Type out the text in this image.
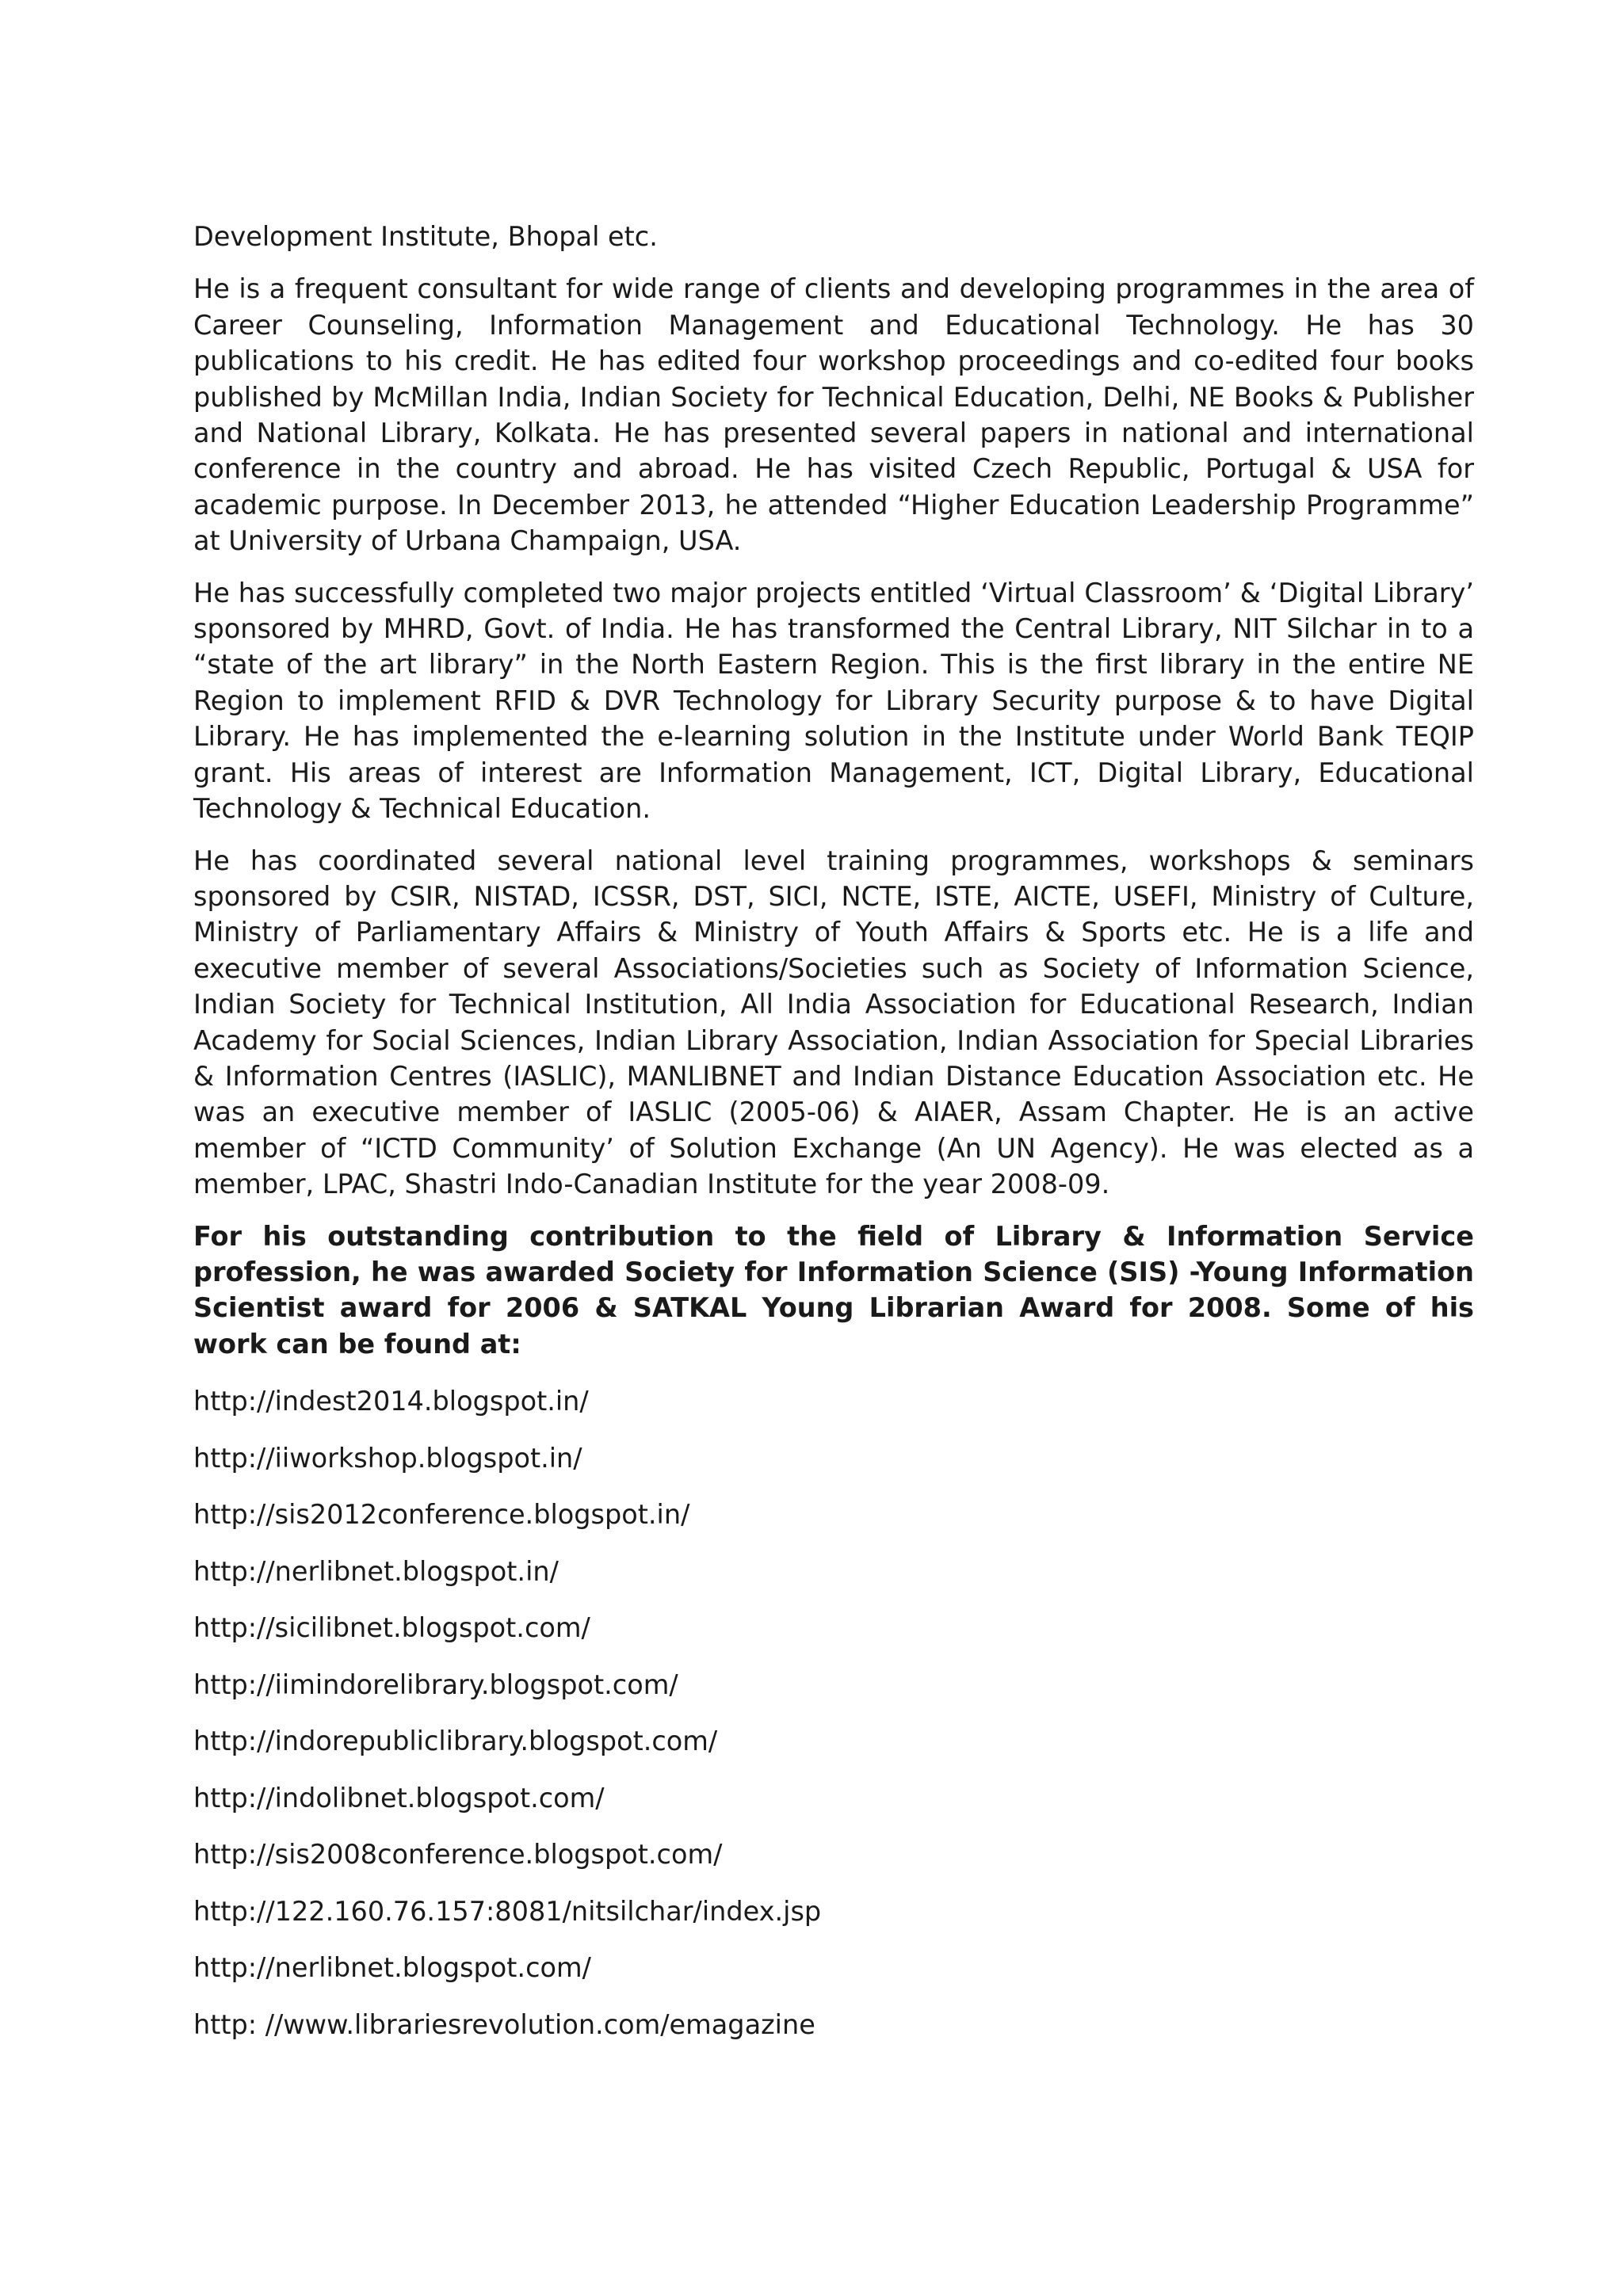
Development Institute, Bhopal etc.

He is a frequent consultant for wide range of clients and developing programmes in the area of Career Counseling, Information Management and Educational Technology. He has 30 publications to his credit. He has edited four workshop proceedings and co-edited four books published by McMillan India, Indian Society for Technical Education, Delhi, NE Books & Publisher and National Library, Kolkata. He has presented several papers in national and international conference in the country and abroad. He has visited Czech Republic, Portugal & USA for academic purpose. In December 2013, he attended “Higher Education Leadership Programme” at University of Urbana Champaign, USA.

He has successfully completed two major projects entitled ‘Virtual Classroom’ & ‘Digital Library’ sponsored by MHRD, Govt. of India. He has transformed the Central Library, NIT Silchar in to a “state of the art library” in the North Eastern Region. This is the first library in the entire NE Region to implement RFID & DVR Technology for Library Security purpose & to have Digital Library. He has implemented the e-learning solution in the Institute under World Bank TEQIP grant. His areas of interest are Information Management, ICT, Digital Library, Educational Technology & Technical Education.

He has coordinated several national level training programmes, workshops & seminars sponsored by CSIR, NISTAD, ICSSR, DST, SICI, NCTE, ISTE, AICTE, USEFI, Ministry of Culture, Ministry of Parliamentary Affairs & Ministry of Youth Affairs & Sports etc. He is a life and executive member of several Associations/Societies such as Society of Information Science, Indian Society for Technical Institution, All India Association for Educational Research, Indian Academy for Social Sciences, Indian Library Association, Indian Association for Special Libraries & Information Centres (IASLIC), MANLIBNET and Indian Distance Education Association etc. He was an executive member of IASLIC (2005-06) & AIAER, Assam Chapter. He is an active member of “ICTD Community’ of Solution Exchange (An UN Agency). He was elected as a member, LPAC, Shastri Indo-Canadian Institute for the year 2008-09.

For his outstanding contribution to the field of Library & Information Service profession, he was awarded Society for Information Science (SIS) -Young Information Scientist award for 2006 & SATKAL Young Librarian Award for 2008. Some of his work can be found at:

http://indest2014.blogspot.in/
http://iiworkshop.blogspot.in/
http://sis2012conference.blogspot.in/
http://nerlibnet.blogspot.in/
http://sicilibnet.blogspot.com/
http://iimindorelibrary.blogspot.com/
http://indorepubliclibrary.blogspot.com/
http://indolibnet.blogspot.com/
http://sis2008conference.blogspot.com/
http://122.160.76.157:8081/nitsilchar/index.jsp
http://nerlibnet.blogspot.com/
http: //www.librariesrevolution.com/emagazine
